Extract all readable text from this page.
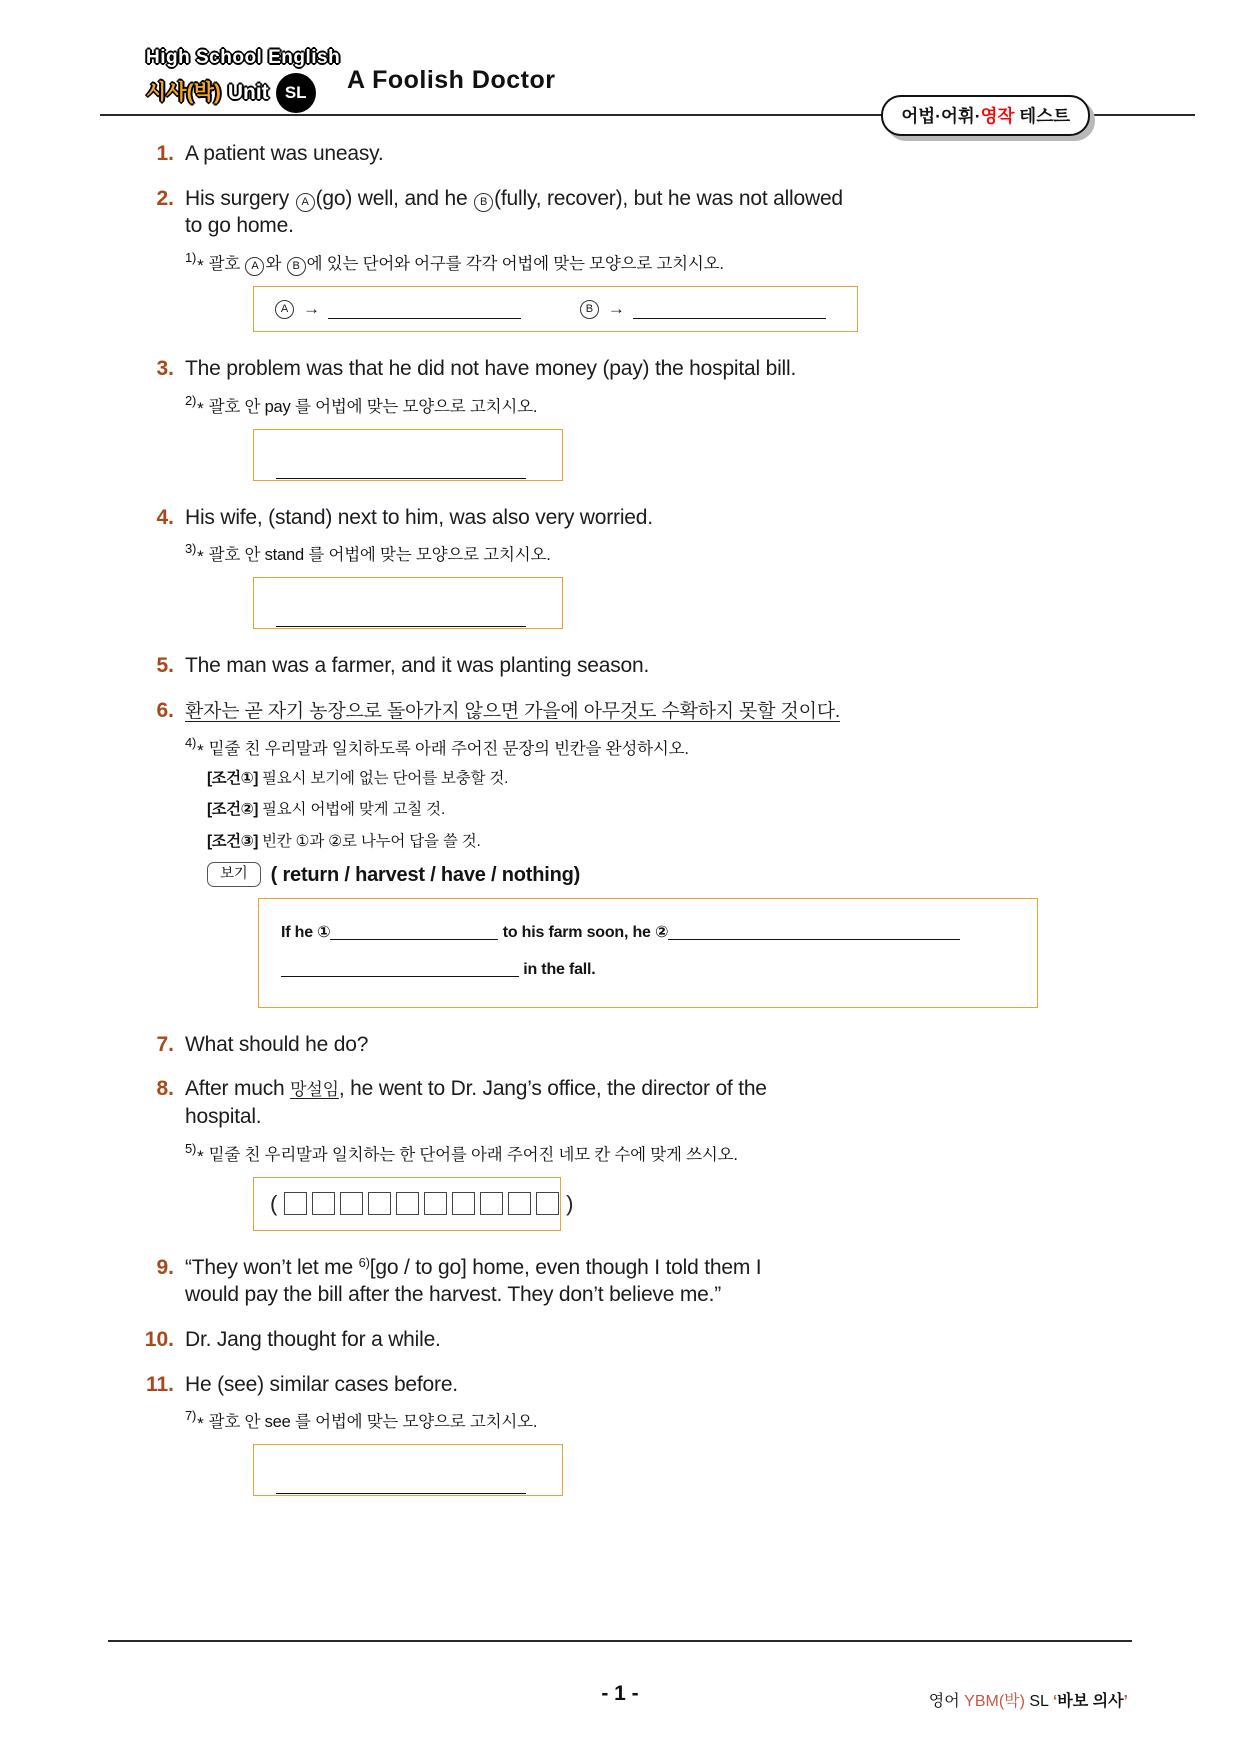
High School English
시사(박) Unit SL	A Foolish Doctor
어법·어휘·영작 테스트
1. A patient was uneasy.
2. His surgery A (go) well, and he B (fully, recover), but he was not allowed
to go home.
$^{1)}$* 괄호 A 와 B 에 있는 단어와 어구를 각각 어법에 맞는 모양으로 고치시오.
A →	B →
3. The problem was that he did not have money (pay) the hospital bill.
$^{2)}$* 괄호 안 pay 를 어법에 맞는 모양으로 고치시오.
4. His wife, (stand) next to him, was also very worried.
$^{3)}$* 괄호 안 stand 를 어법에 맞는 모양으로 고치시오.
5. The man was a farmer, and it was planting season.
6. 환자는 곧 자기 농장으로 돌아가지 않으면 가을에 아무것도 수확하지 못할 것이다.
$^{4)}$* 밑줄 친 우리말과 일치하도록 아래 주어진 문장의 빈칸을 완성하시오.
[조건①] 필요시 보기에 없는 단어를 보충할 것.
[조건②] 필요시 어법에 맞게 고칠 것.
[조건③] 빈칸 ①과 ②로 나누어 답을 쓸 것.
보기	( return / harvest / have / nothing)
If he ①	to his farm soon, he ②
in the fall.
7. What should he do?
8. After much 망설임, he went to Dr. Jang’s office, the director of the
hospital.
$^{5)}$* 밑줄 친 우리말과 일치하는 한 단어를 아래 주어진 네모 칸 수에 맞게 쓰시오.
(	)
9. “They won’t let me $^{6)}$[go / to go] home, even though I told them I
would pay the bill after the harvest. They don’t believe me.”
10. Dr. Jang thought for a while.
11. He (see) similar cases before.
$^{7)}$* 괄호 안 see 를 어법에 맞는 모양으로 고치시오.
- 1 -	영어 YBM(박) SL ‘바보 의사’
